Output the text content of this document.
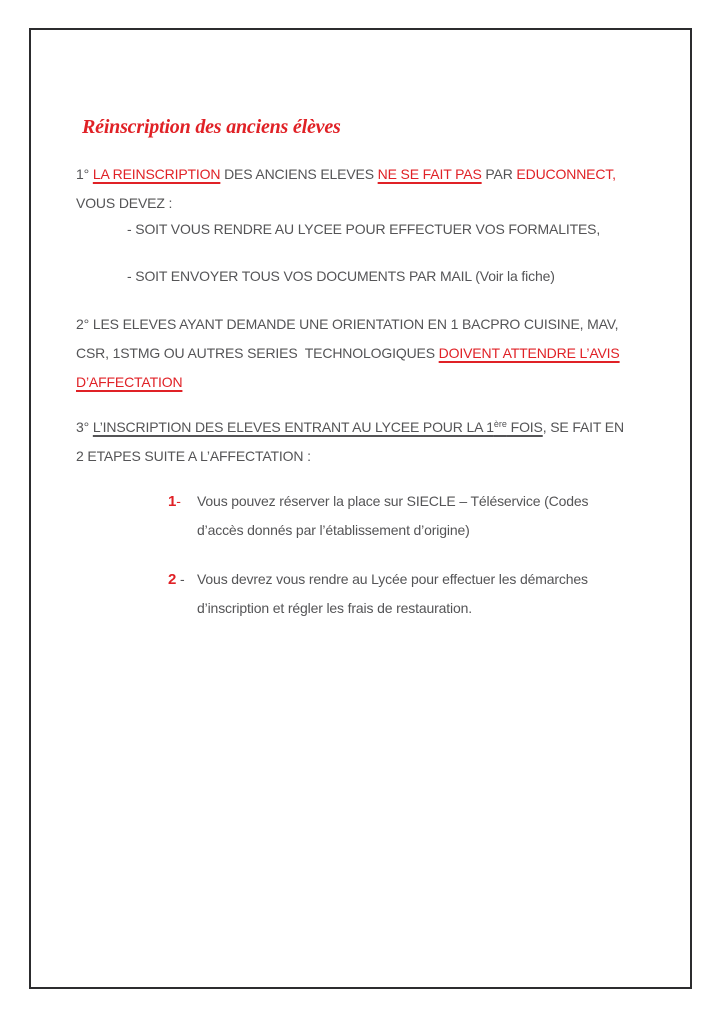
Réinscription des anciens élèves
1° LA REINSCRIPTION DES ANCIENS ELEVES NE SE FAIT PAS PAR EDUCONNECT,
VOUS DEVEZ :
- SOIT VOUS RENDRE AU LYCEE POUR EFFECTUER VOS FORMALITES,
- SOIT ENVOYER TOUS VOS DOCUMENTS PAR MAIL (Voir la fiche)
2° LES ELEVES AYANT DEMANDE UNE ORIENTATION EN 1 BACPRO CUISINE, MAV,
CSR, 1STMG OU AUTRES SERIES  TECHNOLOGIQUES DOIVENT ATTENDRE L’AVIS
D’AFFECTATION
3° L’INSCRIPTION DES ELEVES ENTRANT AU LYCEE POUR LA 1ère FOIS, SE FAIT EN
2 ETAPES SUITE A L’AFFECTATION :
1-	Vous pouvez réserver la place sur SIECLE – Téléservice (Codes
d’accès donnés par l’établissement d’origine)
2 - Vous devrez vous rendre au Lycée pour effectuer les démarches
d’inscription et régler les frais de restauration.
